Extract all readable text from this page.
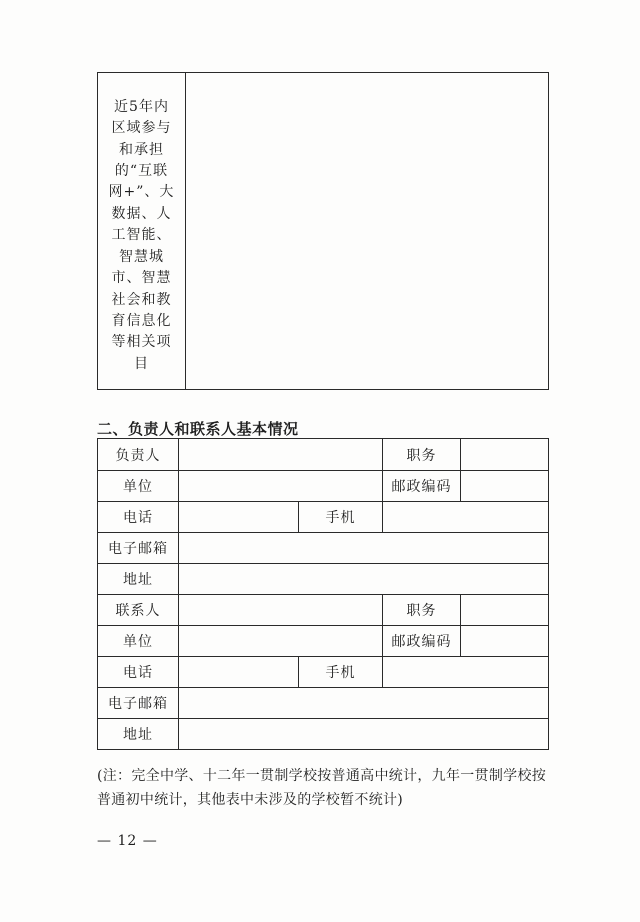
近5年内区域参与和承担的“互联网+”、大数据、人工智能、智慧城市、智慧社会和教育信息化等相关项目
二、负责人和联系人基本情况
负责人	职务
单位	邮政编码
电话	手机
电子邮箱
地址
联系人	职务
单位	邮政编码
电话	手机
电子邮箱
地址
(注：完全中学、十二年一贯制学校按普通高中统计，九年一贯制学校按普通初中统计，其他表中未涉及的学校暂不统计)
— 12 —
